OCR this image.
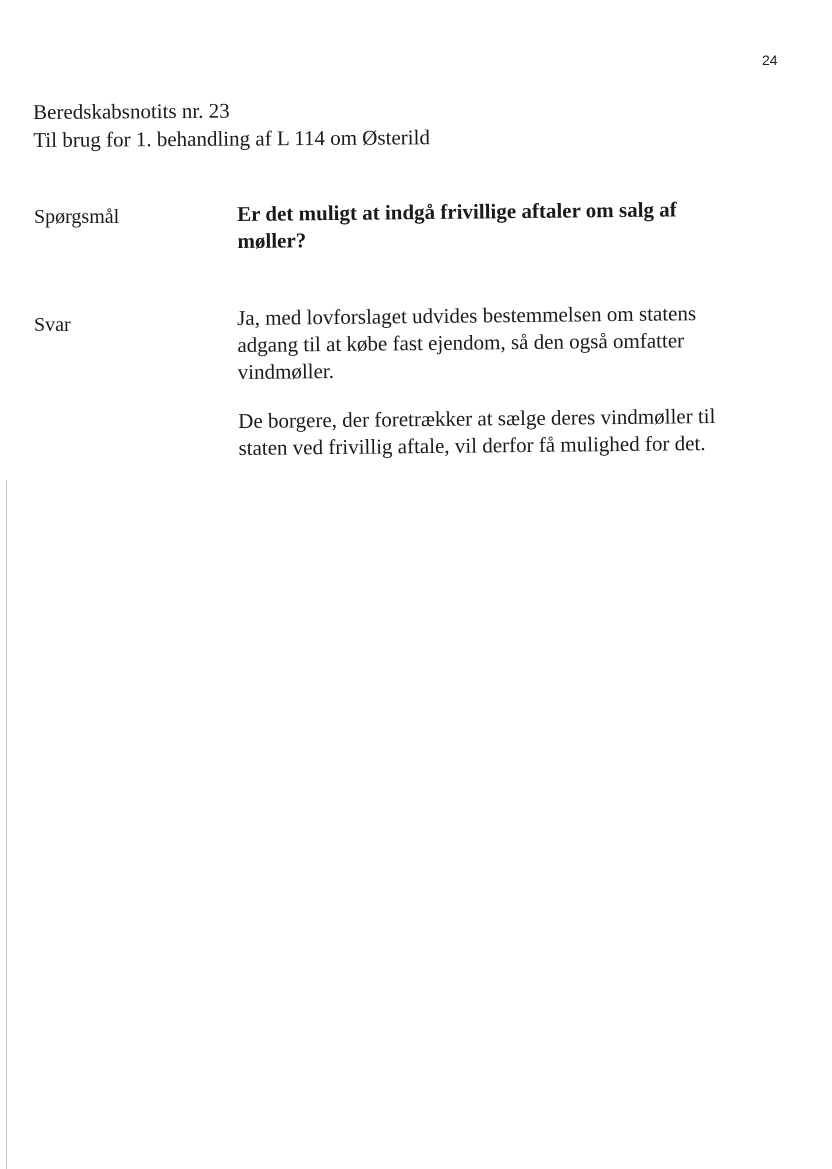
24
Beredskabsnotits nr. 23
Til brug for 1. behandling af L 114 om Østerild
Spørgsmål	Er det muligt at indgå frivillige aftaler om salg af møller?
Svar	Ja, med lovforslaget udvides bestemmelsen om statens adgang til at købe fast ejendom, så den også omfatter vindmøller.

De borgere, der foretrækker at sælge deres vindmøller til staten ved frivillig aftale, vil derfor få mulighed for det.
